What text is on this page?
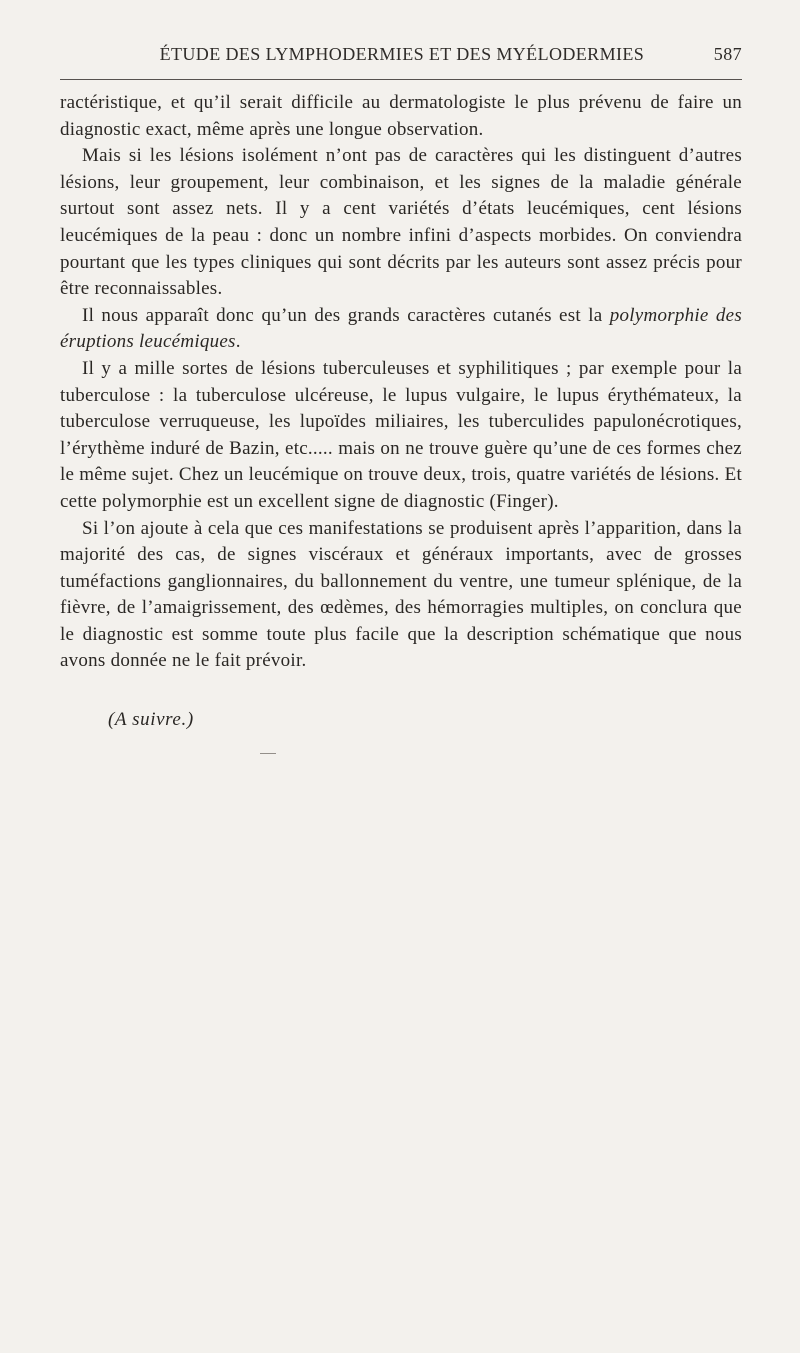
ÉTUDE DES LYMPHODERMIES ET DES MYÉLODERMIES	587

ractéristique, et qu’il serait difficile au dermatologiste le plus prévenu de faire un diagnostic exact, même après une longue observation.

Mais si les lésions isolément n’ont pas de caractères qui les distinguent d’autres lésions, leur groupement, leur combinaison, et les signes de la maladie générale surtout sont assez nets. Il y a cent variétés d’états leucémiques, cent lésions leucémiques de la peau : donc un nombre infini d’aspects morbides. On conviendra pourtant que les types cliniques qui sont décrits par les auteurs sont assez précis pour être reconnaissables.

Il nous apparaît donc qu’un des grands caractères cutanés est la polymorphie des éruptions leucémiques.

Il y a mille sortes de lésions tuberculeuses et syphilitiques ; par exemple pour la tuberculose : la tuberculose ulcéreuse, le lupus vulgaire, le lupus érythémateux, la tuberculose verruqueuse, les lupoïdes miliaires, les tuberculides papulonécrotiques, l’érythème induré de Bazin, etc..... mais on ne trouve guère qu’une de ces formes chez le même sujet. Chez un leucémique on trouve deux, trois, quatre variétés de lésions. Et cette polymorphie est un excellent signe de diagnostic (Finger).

Si l’on ajoute à cela que ces manifestations se produisent après l’apparition, dans la majorité des cas, de signes viscéraux et généraux importants, avec de grosses tuméfactions ganglionnaires, du ballonnement du ventre, une tumeur splénique, de la fièvre, de l’amaigrissement, des œdèmes, des hémorragies multiples, on conclura que le diagnostic est somme toute plus facile que la description schématique que nous avons donnée ne le fait prévoir.

(A suivre.)
